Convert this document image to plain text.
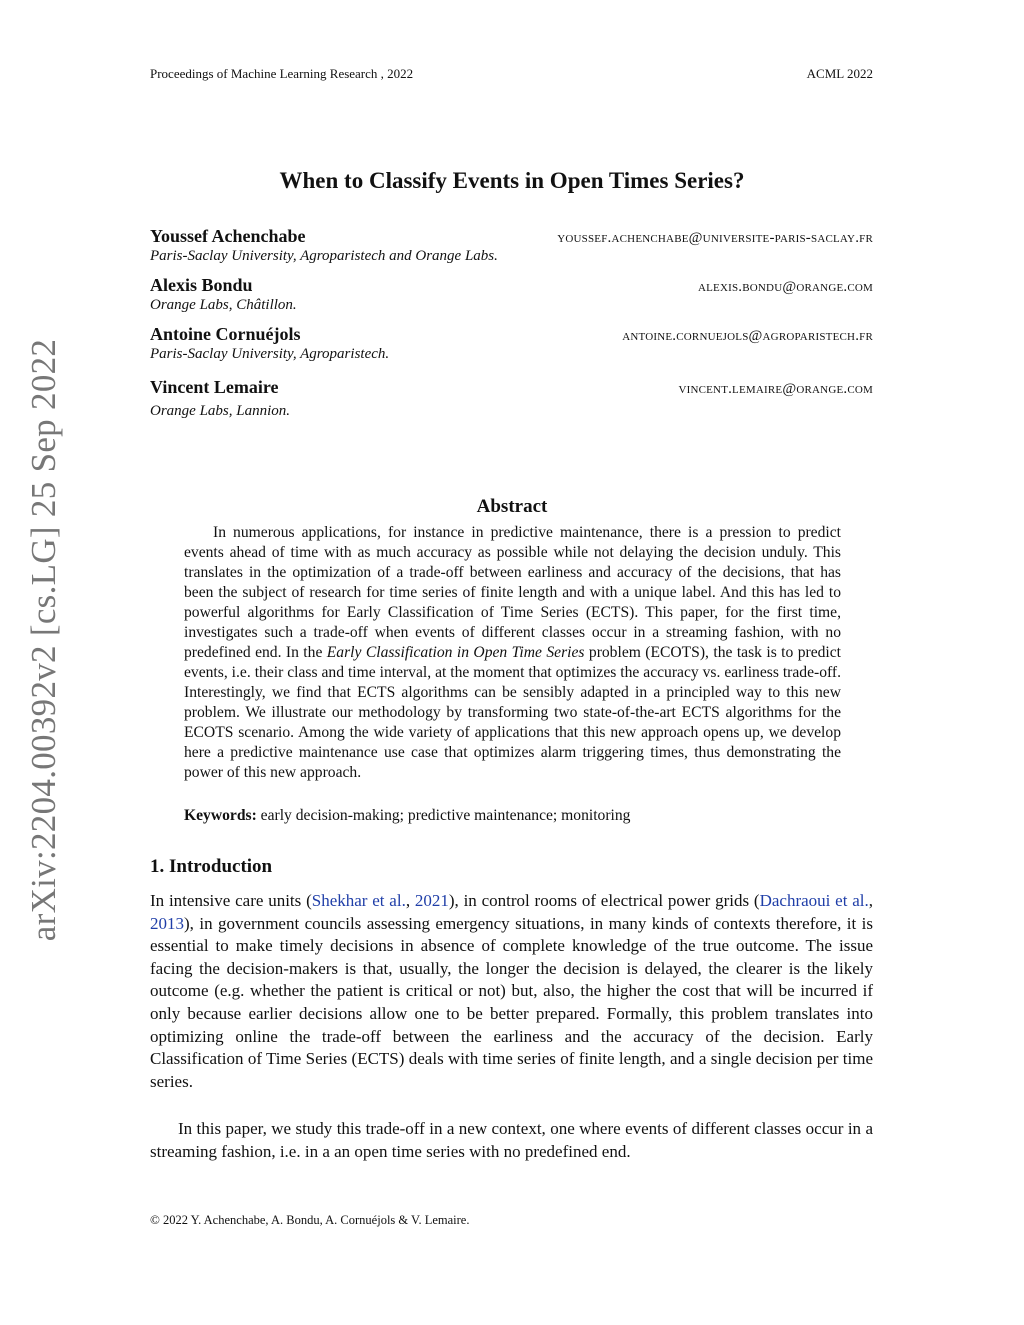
Proceedings of Machine Learning Research , 2022	ACML 2022
When to Classify Events in Open Times Series?
Youssef Achenchabe	youssef.achenchabe@universite-paris-saclay.fr
Paris-Saclay University, Agroparistech and Orange Labs.
Alexis Bondu	alexis.bondu@orange.com
Orange Labs, Châtillon.
Antoine Cornuéjols	antoine.cornuejols@agroparistech.fr
Paris-Saclay University, Agroparistech.
Vincent Lemaire	vincent.lemaire@orange.com
Orange Labs, Lannion.
arXiv:2204.00392v2 [cs.LG] 25 Sep 2022	Abstract
In numerous applications, for instance in predictive maintenance, there is a pression to predict events ahead of time with as much accuracy as possible while not delaying the decision unduly. This translates in the optimization of a trade-off between earliness and accuracy of the decisions, that has been the subject of research for time series of finite length and with a unique label. And this has led to powerful algorithms for Early Classification of Time Series (ECTS). This paper, for the first time, investigates such a trade-off when events of different classes occur in a streaming fashion, with no predefined end. In the Early Classification in Open Time Series problem (ECOTS), the task is to predict events, i.e. their class and time interval, at the moment that optimizes the accuracy vs. earliness trade-off. Interestingly, we find that ECTS algorithms can be sensibly adapted in a principled way to this new problem. We illustrate our methodology by transforming two state-of-the-art ECTS algorithms for the ECOTS scenario. Among the wide variety of applications that this new approach opens up, we develop here a predictive maintenance use case that optimizes alarm triggering times, thus demonstrating the power of this new approach.
Keywords: early decision-making; predictive maintenance; monitoring
1. Introduction
In intensive care units (Shekhar et al., 2021), in control rooms of electrical power grids (Dachraoui et al., 2013), in government councils assessing emergency situations, in many kinds of contexts therefore, it is essential to make timely decisions in absence of complete knowledge of the true outcome. The issue facing the decision-makers is that, usually, the longer the decision is delayed, the clearer is the likely outcome (e.g. whether the patient is critical or not) but, also, the higher the cost that will be incurred if only because earlier decisions allow one to be better prepared. Formally, this problem translates into optimizing online the trade-off between the earliness and the accuracy of the decision. Early Classification of Time Series (ECTS) deals with time series of finite length, and a single decision per time series.
In this paper, we study this trade-off in a new context, one where events of different classes occur in a streaming fashion, i.e. in a an open time series with no predefined end.
© 2022 Y. Achenchabe, A. Bondu, A. Cornuéjols & V. Lemaire.
